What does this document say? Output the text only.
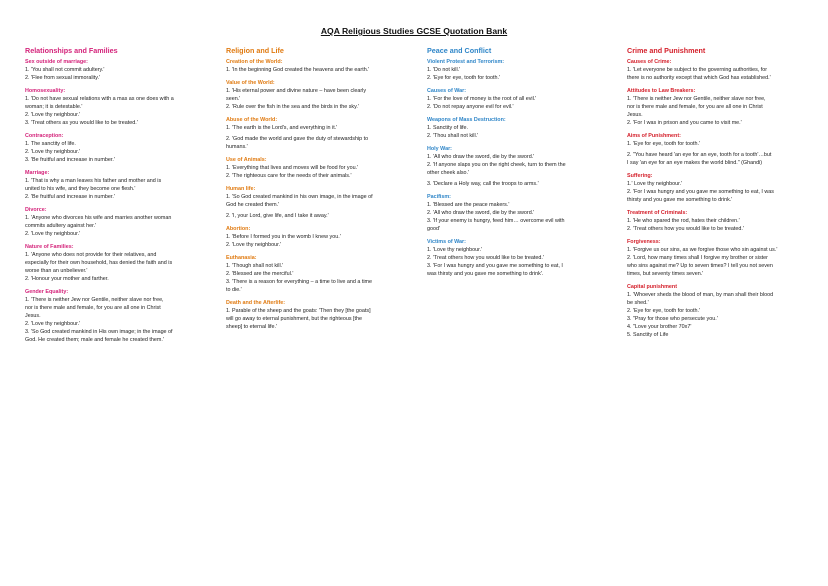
AQA Religious Studies GCSE Quotation Bank
Relationships and Families
Sex outside of marriage:
1. 'You shall not commit adultery.'
2. 'Flee from sexual immorality.'
Homosexuality:
1. 'Do not have sexual relations with a mas as one does with a
woman; it is detestable.'
2. 'Love thy neighbour.'
3. 'Treat others as you would like to be treated.'
Contraception:
1. The sanctity of life.
2. 'Love thy neighbour.'
3. 'Be fruitful and increase in number.'
Marriage:
1. 'That is why a man leaves his father and mother and is
united to his wife, and they become one flesh.'
2. 'Be fruitful and increase in number.'
Divorce:
1. 'Anyone who divorces his wife and marries another woman
commits adultery against her.'
2. 'Love thy neighbour.'
Nature of Families:
1. 'Anyone who does not provide for their relatives, and
especially for their own household, has denied the faith and is
worse than an unbeliever.'
2. 'Honour your mother and farther.
Gender Equality:
1. 'There is neither Jew nor Gentile, neither slave nor free,
nor is there male and female, for you are all one in Christ
Jesus.
2. 'Love thy neighbour.'
3. 'So God created mankind in His own image; in the image of
God. He created them; male and female he created them.'
Religion and Life
Creation of the World:
1. 'In the beginning God created the heavens and the earth.'
Value of the World:
1. 'His eternal power and divine nature – have been clearly
seen.'
2. 'Rule over the fish in the sea and the birds in the sky.'
Abuse of the World:
1. 'The earth is the Lord's, and everything in it.'
2. 'God made the world and gave the duty of stewardship to
humans.'
Use of Animals:
1. 'Everything that lives and moves will be food for you.'
2. 'The righteous care for the needs of their animals.'
Human life:
1. 'So God created mankind in his own image, in the image of
God he created them.'
2. 'I, your Lord, give life, and I take it away.'
Abortion:
1. 'Before I formed you in the womb I knew you.'
2. 'Love thy neighbour.'
Euthanasia:
1. 'Though shall not kill.'
2. 'Blessed are the merciful.'
3. 'There is a reason for everything – a time to live and a time
to die.'
Death and the Afterlife:
1. Parable of the sheep and the goats: 'Then they [the goats]
will go away to eternal punishment, but the righteous [the
sheep] to eternal life.'
Peace and Conflict
Violent Protest and Terrorism:
1. 'Do not kill.'
2. 'Eye for eye, tooth for tooth.'
Causes of War:
1. 'For the love of money is the root of all evil.'
2. 'Do not repay anyone evil for evil.'
Weapons of Mass Destruction:
1. Sanctity of life.
2. 'Thou shall not kill.'
Holy War:
1. 'All who draw the sword, die by the sword.'
2. 'If anyone slaps you on the right cheek, turn to them the
other cheek also.'
3. 'Declare a Holy way, call the troops to arms.'
Pacifism:
1. 'Blessed are the peace makers.'
2. 'All who draw the sword, die by the sword.'
3. 'If your enemy is hungry, feed him… overcome evil with
good'
Victims of War:
1. 'Love thy neighbour.'
2. 'Treat others how you would like to be treated.'
3. 'For I was hungry and you gave me something to eat, I
was thirsty and you gave me something to drink'.
Crime and Punishment
Causes of Crime:
1. 'Let everyone be subject to the governing authorities, for
there is no authority except that which God has established.'
Attitudes to Law Breakers:
1. 'There is neither Jew nor Gentile, neither slave nor free,
nor is there male and female, for you are all one in Christ
Jesus.
2. 'For I was in prison and you came to visit me.'
Aims of Punishment:
1. 'Eye for eye, tooth for tooth.'
2. "You have heard 'an eye for an eye, tooth for a tooth'…but
I say 'an eye for an eye makes the world blind." (Ghandi)
Suffering:
1.' Love thy neighbour.'
2. 'For I was hungry and you gave me something to eat, I was
thirsty and you gave me something to drink.'
Treatment of Criminals:
1. 'He who spared the rod, hates their children.'
2. 'Treat others how you would like to be treated.'
Forgiveness:
1. 'Forgive us our sins, as we forgive those who sin against us.'
2. 'Lord, how many times shall I forgive my brother or sister
who sins against me? Up to seven times? I tell you not seven
times, but seventy times seven.'
Capital punishment
1. 'Whoever sheds the blood of man, by man shall their blood
be shed.'
2. 'Eye for eye, tooth for tooth.'
3. "Pray for those who persecute you.'
4. "Love your brother 70x7'
5. Sanctity of Life
